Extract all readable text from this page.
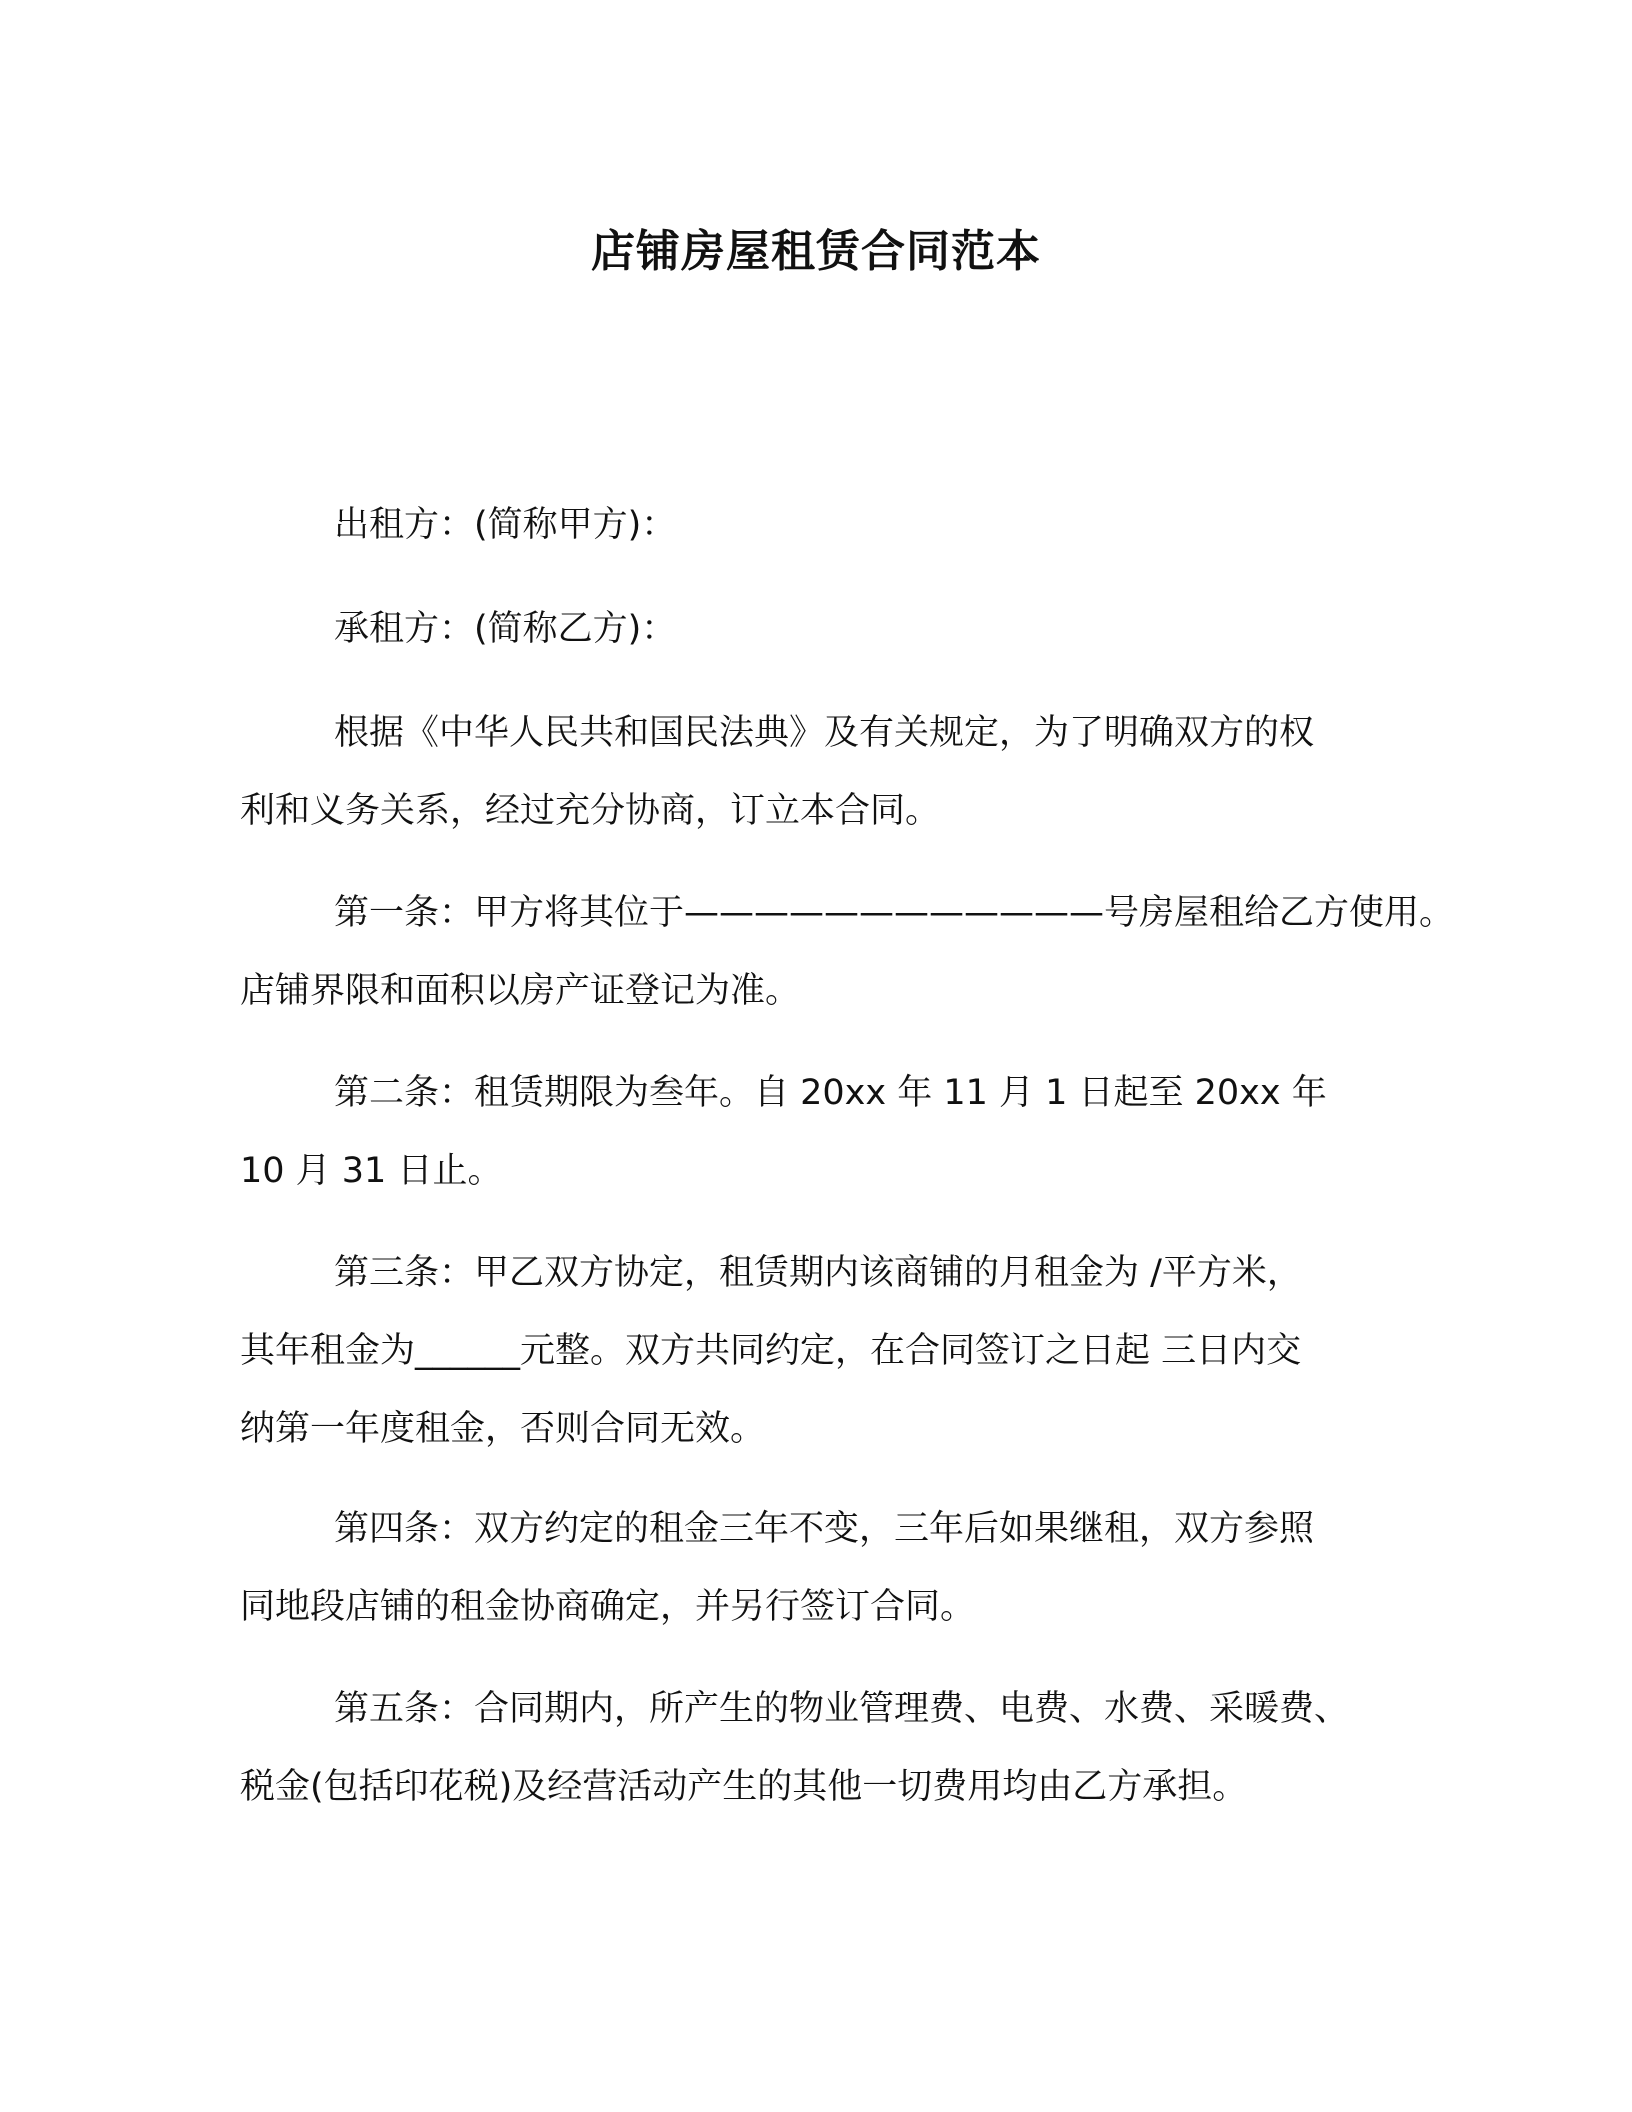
店铺房屋租赁合同范本
出租方：(简称甲方)：
承租方：(简称乙方)：
根据《中华人民共和国民法典》及有关规定，为了明确双方的权
利和义务关系，经过充分协商，订立本合同。
第一条：甲方将其位于————————————号房屋租给乙方使用。
店铺界限和面积以房产证登记为准。
第二条：租赁期限为叁年。自 20xx 年 11 月 1 日起至 20xx 年
10 月 31 日止。
第三条：甲乙双方协定，租赁期内该商铺的月租金为 /平方米，
其年租金为______元整。双方共同约定，在合同签订之日起 三日内交
纳第一年度租金，否则合同无效。
第四条：双方约定的租金三年不变，三年后如果继租，双方参照
同地段店铺的租金协商确定，并另行签订合同。
第五条：合同期内，所产生的物业管理费、电费、水费、采暖费、
税金(包括印花税)及经营活动产生的其他一切费用均由乙方承担。
